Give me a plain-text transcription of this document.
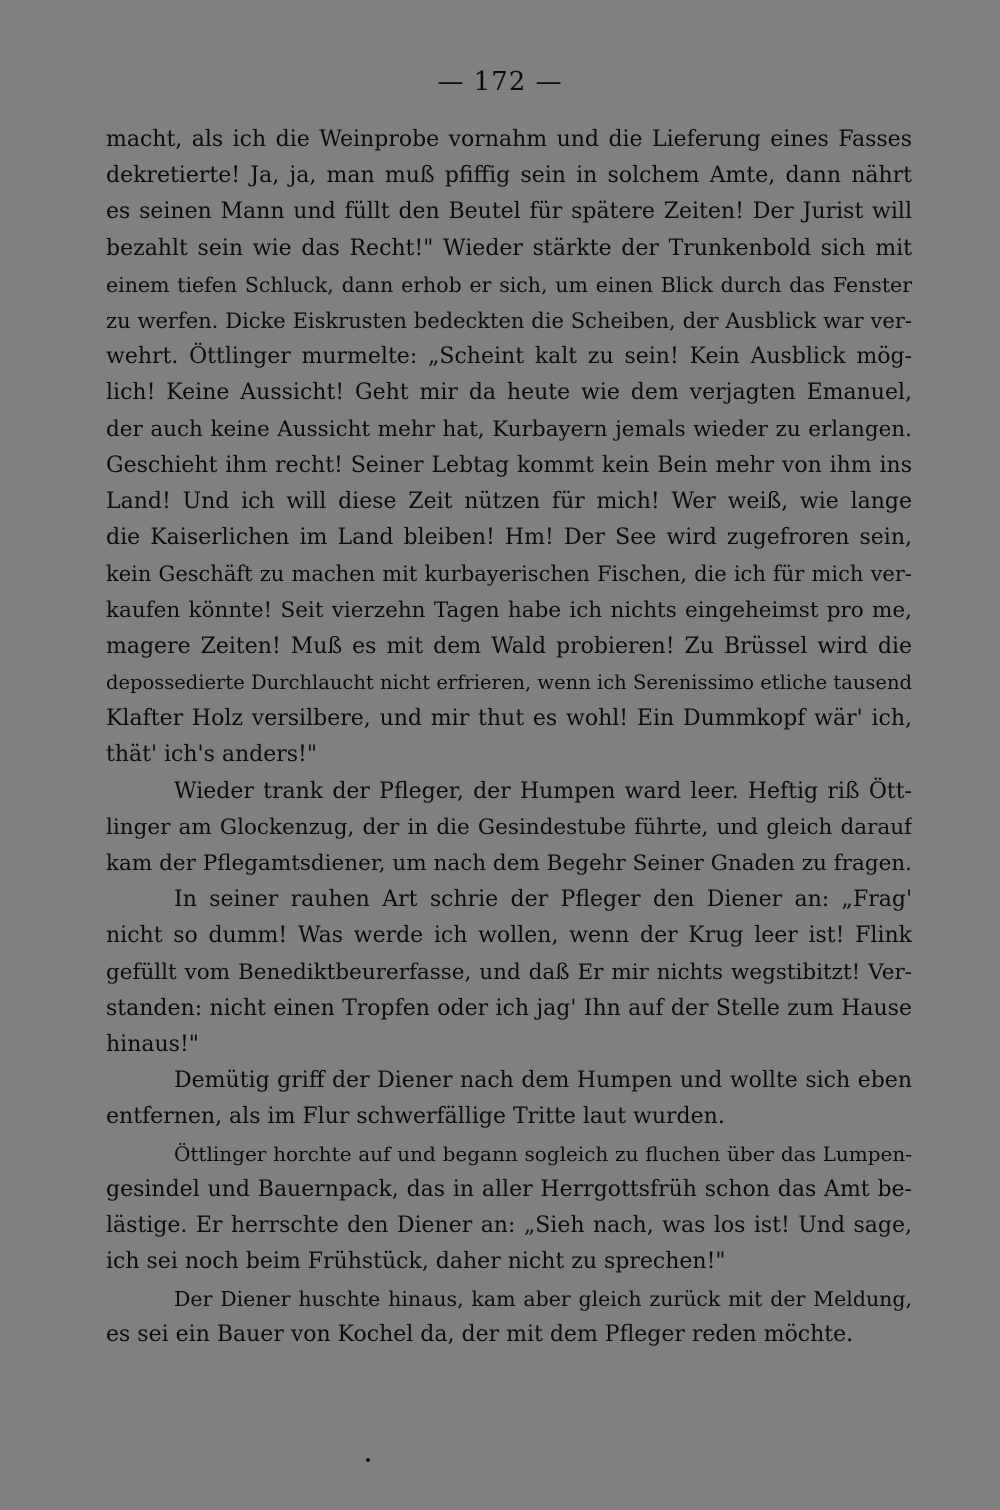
— 172 —
macht, als ich die Weinprobe vornahm und die Lieferung eines Fasses
dekretierte! Ja, ja, man muß pfiffig sein in solchem Amte, dann nährt
es seinen Mann und füllt den Beutel für spätere Zeiten! Der Jurist will
bezahlt sein wie das Recht!" Wieder stärkte der Trunkenbold sich mit
einem tiefen Schluck, dann erhob er sich, um einen Blick durch das Fenster
zu werfen. Dicke Eiskrusten bedeckten die Scheiben, der Ausblick war ver-
wehrt. Öttlinger murmelte: „Scheint kalt zu sein! Kein Ausblick mög-
lich! Keine Aussicht! Geht mir da heute wie dem verjagten Emanuel,
der auch keine Aussicht mehr hat, Kurbayern jemals wieder zu erlangen.
Geschieht ihm recht! Seiner Lebtag kommt kein Bein mehr von ihm ins
Land! Und ich will diese Zeit nützen für mich! Wer weiß, wie lange
die Kaiserlichen im Land bleiben! Hm! Der See wird zugefroren sein,
kein Geschäft zu machen mit kurbayerischen Fischen, die ich für mich ver-
kaufen könnte! Seit vierzehn Tagen habe ich nichts eingeheimst pro me,
magere Zeiten! Muß es mit dem Wald probieren! Zu Brüssel wird die
depossedierte Durchlaucht nicht erfrieren, wenn ich Serenissimo etliche tausend
Klafter Holz versilbere, und mir thut es wohl! Ein Dummkopf wär' ich,
thät' ich's anders!"
Wieder trank der Pfleger, der Humpen ward leer. Heftig riß Ött-
linger am Glockenzug, der in die Gesindestube führte, und gleich darauf
kam der Pflegamtsdiener, um nach dem Begehr Seiner Gnaden zu fragen.
In seiner rauhen Art schrie der Pfleger den Diener an: „Frag'
nicht so dumm! Was werde ich wollen, wenn der Krug leer ist! Flink
gefüllt vom Benediktbeurerfasse, und daß Er mir nichts wegstibitzt! Ver-
standen: nicht einen Tropfen oder ich jag' Ihn auf der Stelle zum Hause
hinaus!"
Demütig griff der Diener nach dem Humpen und wollte sich eben
entfernen, als im Flur schwerfällige Tritte laut wurden.
Öttlinger horchte auf und begann sogleich zu fluchen über das Lumpen-
gesindel und Bauernpack, das in aller Herrgottsfrüh schon das Amt be-
lästige. Er herrschte den Diener an: „Sieh nach, was los ist! Und sage,
ich sei noch beim Frühstück, daher nicht zu sprechen!"
Der Diener huschte hinaus, kam aber gleich zurück mit der Meldung,
es sei ein Bauer von Kochel da, der mit dem Pfleger reden möchte.
